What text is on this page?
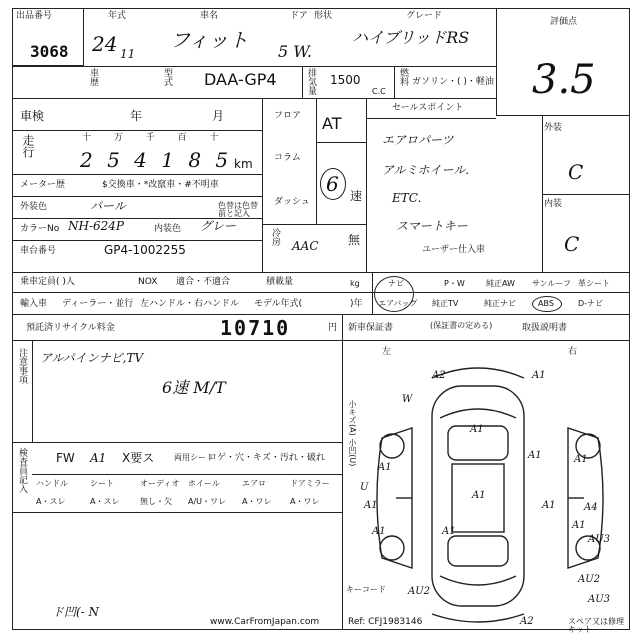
出品番号
3068
年式
24 11
車名
フィット
ドア 形状
5 W.
グレード
ハイブリッドRS
評価点
3.5
車歴	型式 DAA-GP4	排気量 1500
C.C
燃料 ガソリン・( )・軽油
車検	年	月
走行	十 万 千 百 十
2 5 4 1 8 5 km
メーター歴	$交換車・*改竄車・#不明車
外装色	パール	色替は色替前と記入
カラーNo NH-624P	内装色 グレー
車台番号	GP4-1002255
フロア
コラム
ダッシュ
AT
6 速
冷房 AAC 無
セールスポイント
エアロパーツ
アルミホイール.
ETC.
スマートキー
ユーザー仕入車
外装
C
内装
C
乗車定員( )人	NOX 適合・不適合	積載量	kg
輸入車 ディーラー・並行 左ハンドル・右ハンドル モデル年式(	)年
ナビ	P・W	純正AW サンルーフ 革シート
エアバッグ 純正TV	純正ナビ	ABS	D-ナビ
預託済リサイクル料金	10710	円 新車保証書	(保証書の定める)	取扱説明書
注意事項 アルパインナビ,TV
6速 M/T
検査員記入 FW A1 X要ス 両用シート
コゲ・穴・キズ・汚れ・破れ
ハンドル	シート	オーディオ ホイール	エアロ	ドアミラー
A・スレ	A・スレ	無し・欠 A/U・ワレ A・ワレ A・ワレ
ド凹(- N
左	右
小キズ(A) 小凹(U)
キーコード
スペア又は修理キット
A2	A1
W
A1
A1
A1
A1
A1	A1
U
A1	A1
A1
A1
A4
AU3
AU2
AU2
AU3
A2
www.CarFromJapan.com	Ref: CFJ1983146
